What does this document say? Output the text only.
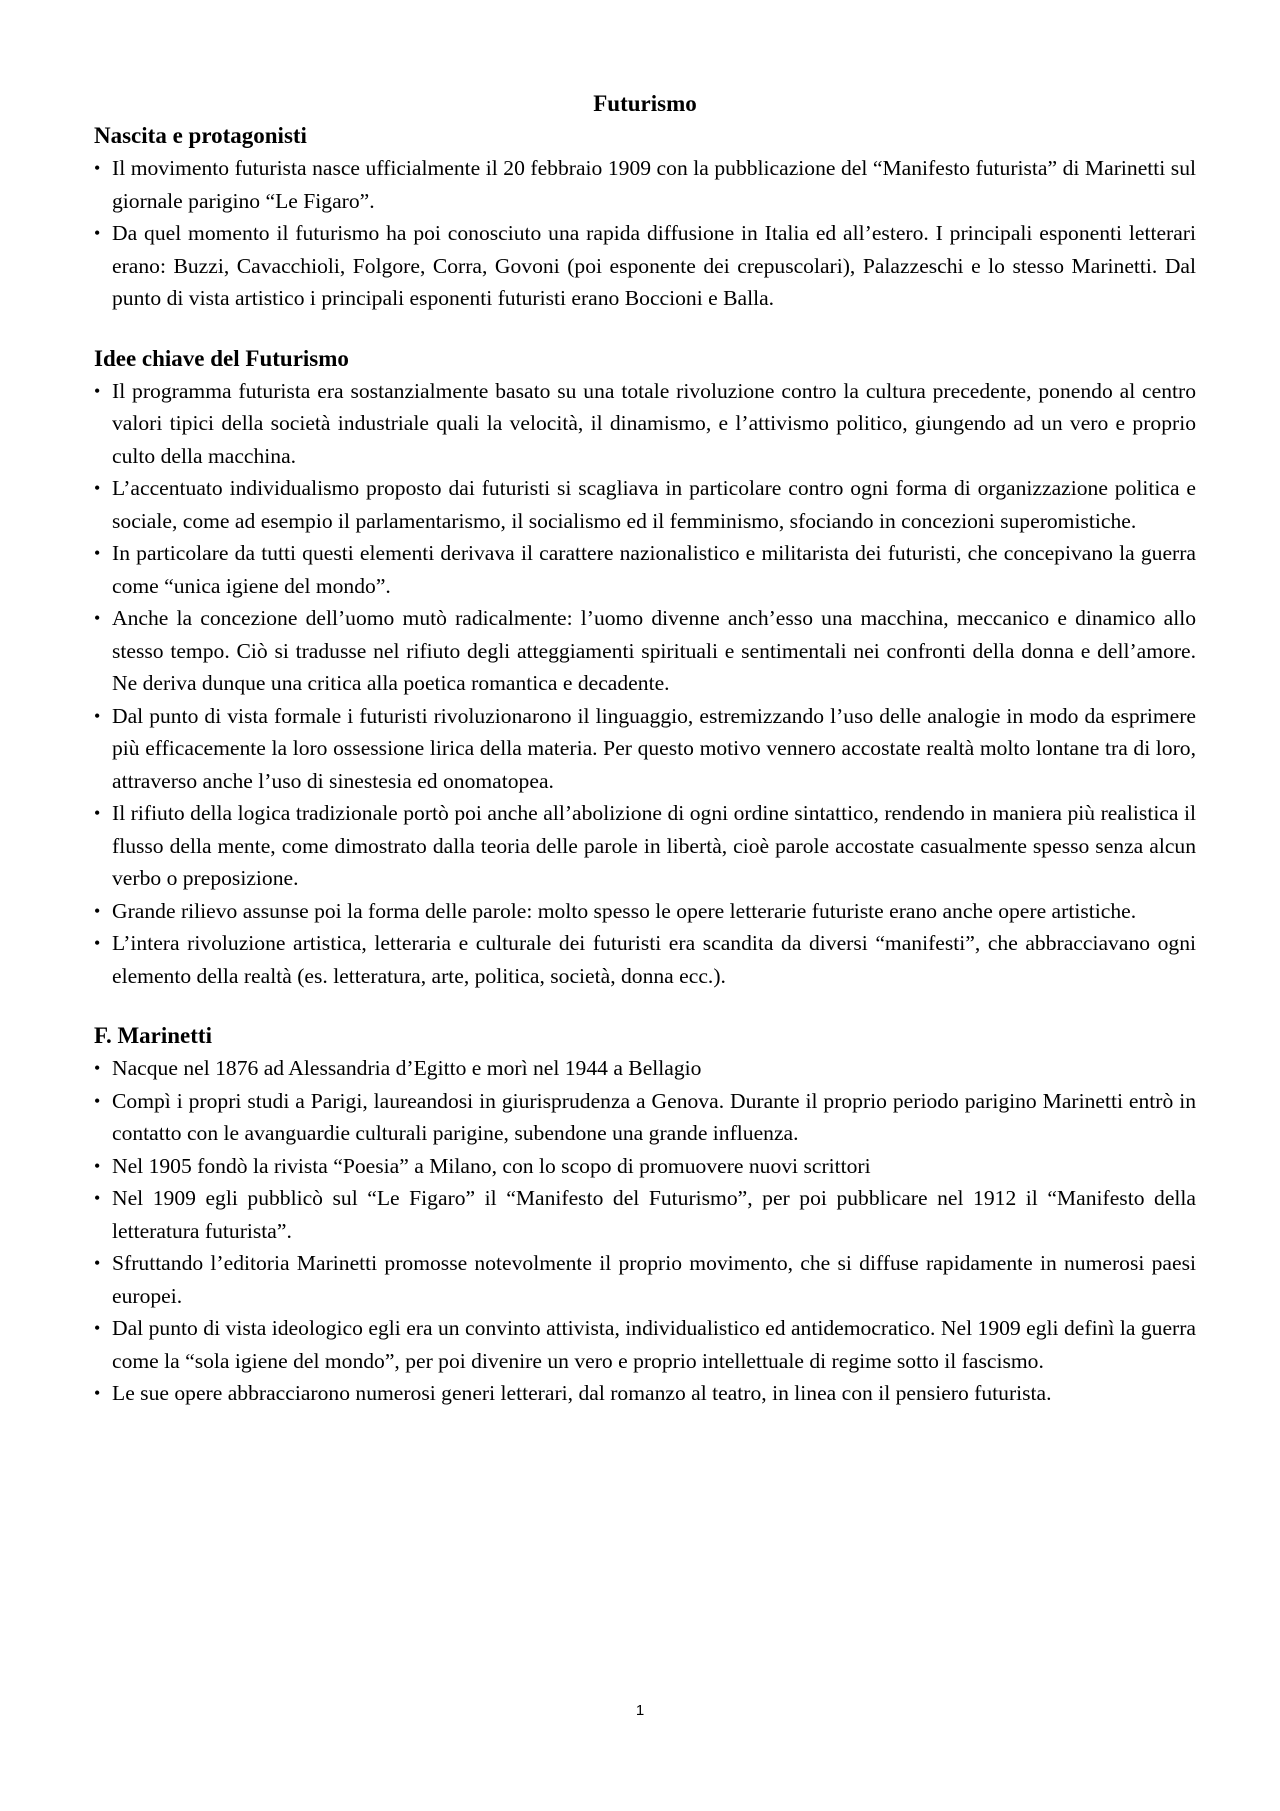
Futurismo
Nascita e protagonisti
• Il movimento futurista nasce ufficialmente il 20 febbraio 1909 con la pubblicazione del “Manifesto futurista” di Marinetti sul giornale parigino “Le Figaro”.
• Da quel momento il futurismo ha poi conosciuto una rapida diffusione in Italia ed all’estero. I principali esponenti letterari erano: Buzzi, Cavacchioli, Folgore, Corra, Govoni (poi esponente dei crepuscolari), Palazzeschi e lo stesso Marinetti. Dal punto di vista artistico i principali esponenti futuristi erano Boccioni e Balla.
Idee chiave del Futurismo
• Il programma futurista era sostanzialmente basato su una totale rivoluzione contro la cultura precedente, ponendo al centro valori tipici della società industriale quali la velocità, il dinamismo, e l’attivismo politico, giungendo ad un vero e proprio culto della macchina.
• L’accentuato individualismo proposto dai futuristi si scagliava in particolare contro ogni forma di organizzazione politica e sociale, come ad esempio il parlamentarismo, il socialismo ed il femminismo, sfociando in concezioni superomistiche.
• In particolare da tutti questi elementi derivava il carattere nazionalistico e militarista dei futuristi, che concepivano la guerra come “unica igiene del mondo”.
• Anche la concezione dell’uomo mutò radicalmente: l’uomo divenne anch’esso una macchina, meccanico e dinamico allo stesso tempo. Ciò si tradusse nel rifiuto degli atteggiamenti spirituali e sentimentali nei confronti della donna e dell’amore. Ne deriva dunque una critica alla poetica romantica e decadente.
• Dal punto di vista formale i futuristi rivoluzionarono il linguaggio, estremizzando l’uso delle analogie in modo da esprimere più efficacemente la loro ossessione lirica della materia. Per questo motivo vennero accostate realtà molto lontane tra di loro, attraverso anche l’uso di sinestesia ed onomatopea.
• Il rifiuto della logica tradizionale portò poi anche all’abolizione di ogni ordine sintattico, rendendo in maniera più realistica il flusso della mente, come dimostrato dalla teoria delle parole in libertà, cioè parole accostate casualmente spesso senza alcun verbo o preposizione.
• Grande rilievo assunse poi la forma delle parole: molto spesso le opere letterarie futuriste erano anche opere artistiche.
• L’intera rivoluzione artistica, letteraria e culturale dei futuristi era scandita da diversi “manifesti”, che abbracciavano ogni elemento della realtà (es. letteratura, arte, politica, società, donna ecc.).
F. Marinetti
• Nacque nel 1876 ad Alessandria d’Egitto e morì nel 1944 a Bellagio
• Compì i propri studi a Parigi, laureandosi in giurisprudenza a Genova. Durante il proprio periodo parigino Marinetti entrò in contatto con le avanguardie culturali parigine, subendone una grande influenza.
• Nel 1905 fondò la rivista “Poesia” a Milano, con lo scopo di promuovere nuovi scrittori
• Nel 1909 egli pubblicò sul “Le Figaro” il “Manifesto del Futurismo”, per poi pubblicare nel 1912 il “Manifesto della letteratura futurista”.
• Sfruttando l’editoria Marinetti promosse notevolmente il proprio movimento, che si diffuse rapidamente in numerosi paesi europei.
• Dal punto di vista ideologico egli era un convinto attivista, individualistico ed antidemocratico. Nel 1909 egli definì la guerra come la “sola igiene del mondo”, per poi divenire un vero e proprio intellettuale di regime sotto il fascismo.
• Le sue opere abbracciarono numerosi generi letterari, dal romanzo al teatro, in linea con il pensiero futurista.
1
